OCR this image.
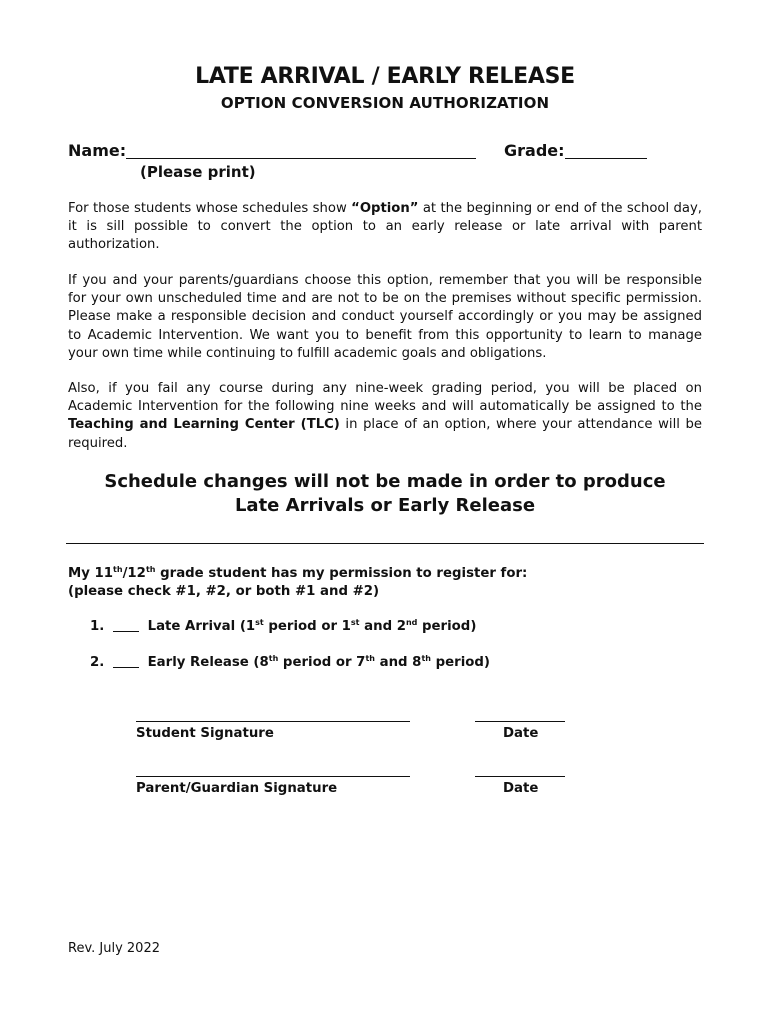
LATE ARRIVAL / EARLY RELEASE
OPTION CONVERSION AUTHORIZATION
Name:
(Please print)
Grade:
For those students whose schedules show “Option” at the beginning or end of the school day, it is sill possible to convert the option to an early release or late arrival with parent authorization.
If you and your parents/guardians choose this option, remember that you will be responsible for your own unscheduled time and are not to be on the premises without specific permission. Please make a responsible decision and conduct yourself accordingly or you may be assigned to Academic Intervention. We want you to benefit from this opportunity to learn to manage your own time while continuing to fulfill academic goals and obligations.
Also, if you fail any course during any nine-week grading period, you will be placed on Academic Intervention for the following nine weeks and will automatically be assigned to the Teaching and Learning Center (TLC) in place of an option, where your attendance will be required.
Schedule changes will not be made in order to produce
Late Arrivals or Early Release
My 11th/12th grade student has my permission to register for:
(please check #1, #2, or both #1 and #2)
1.	Late Arrival (1st period or 1st and 2nd period)
2.	Early Release (8th period or 7th and 8th period)
Student Signature	Date
Parent/Guardian Signature	Date
Rev. July 2022
